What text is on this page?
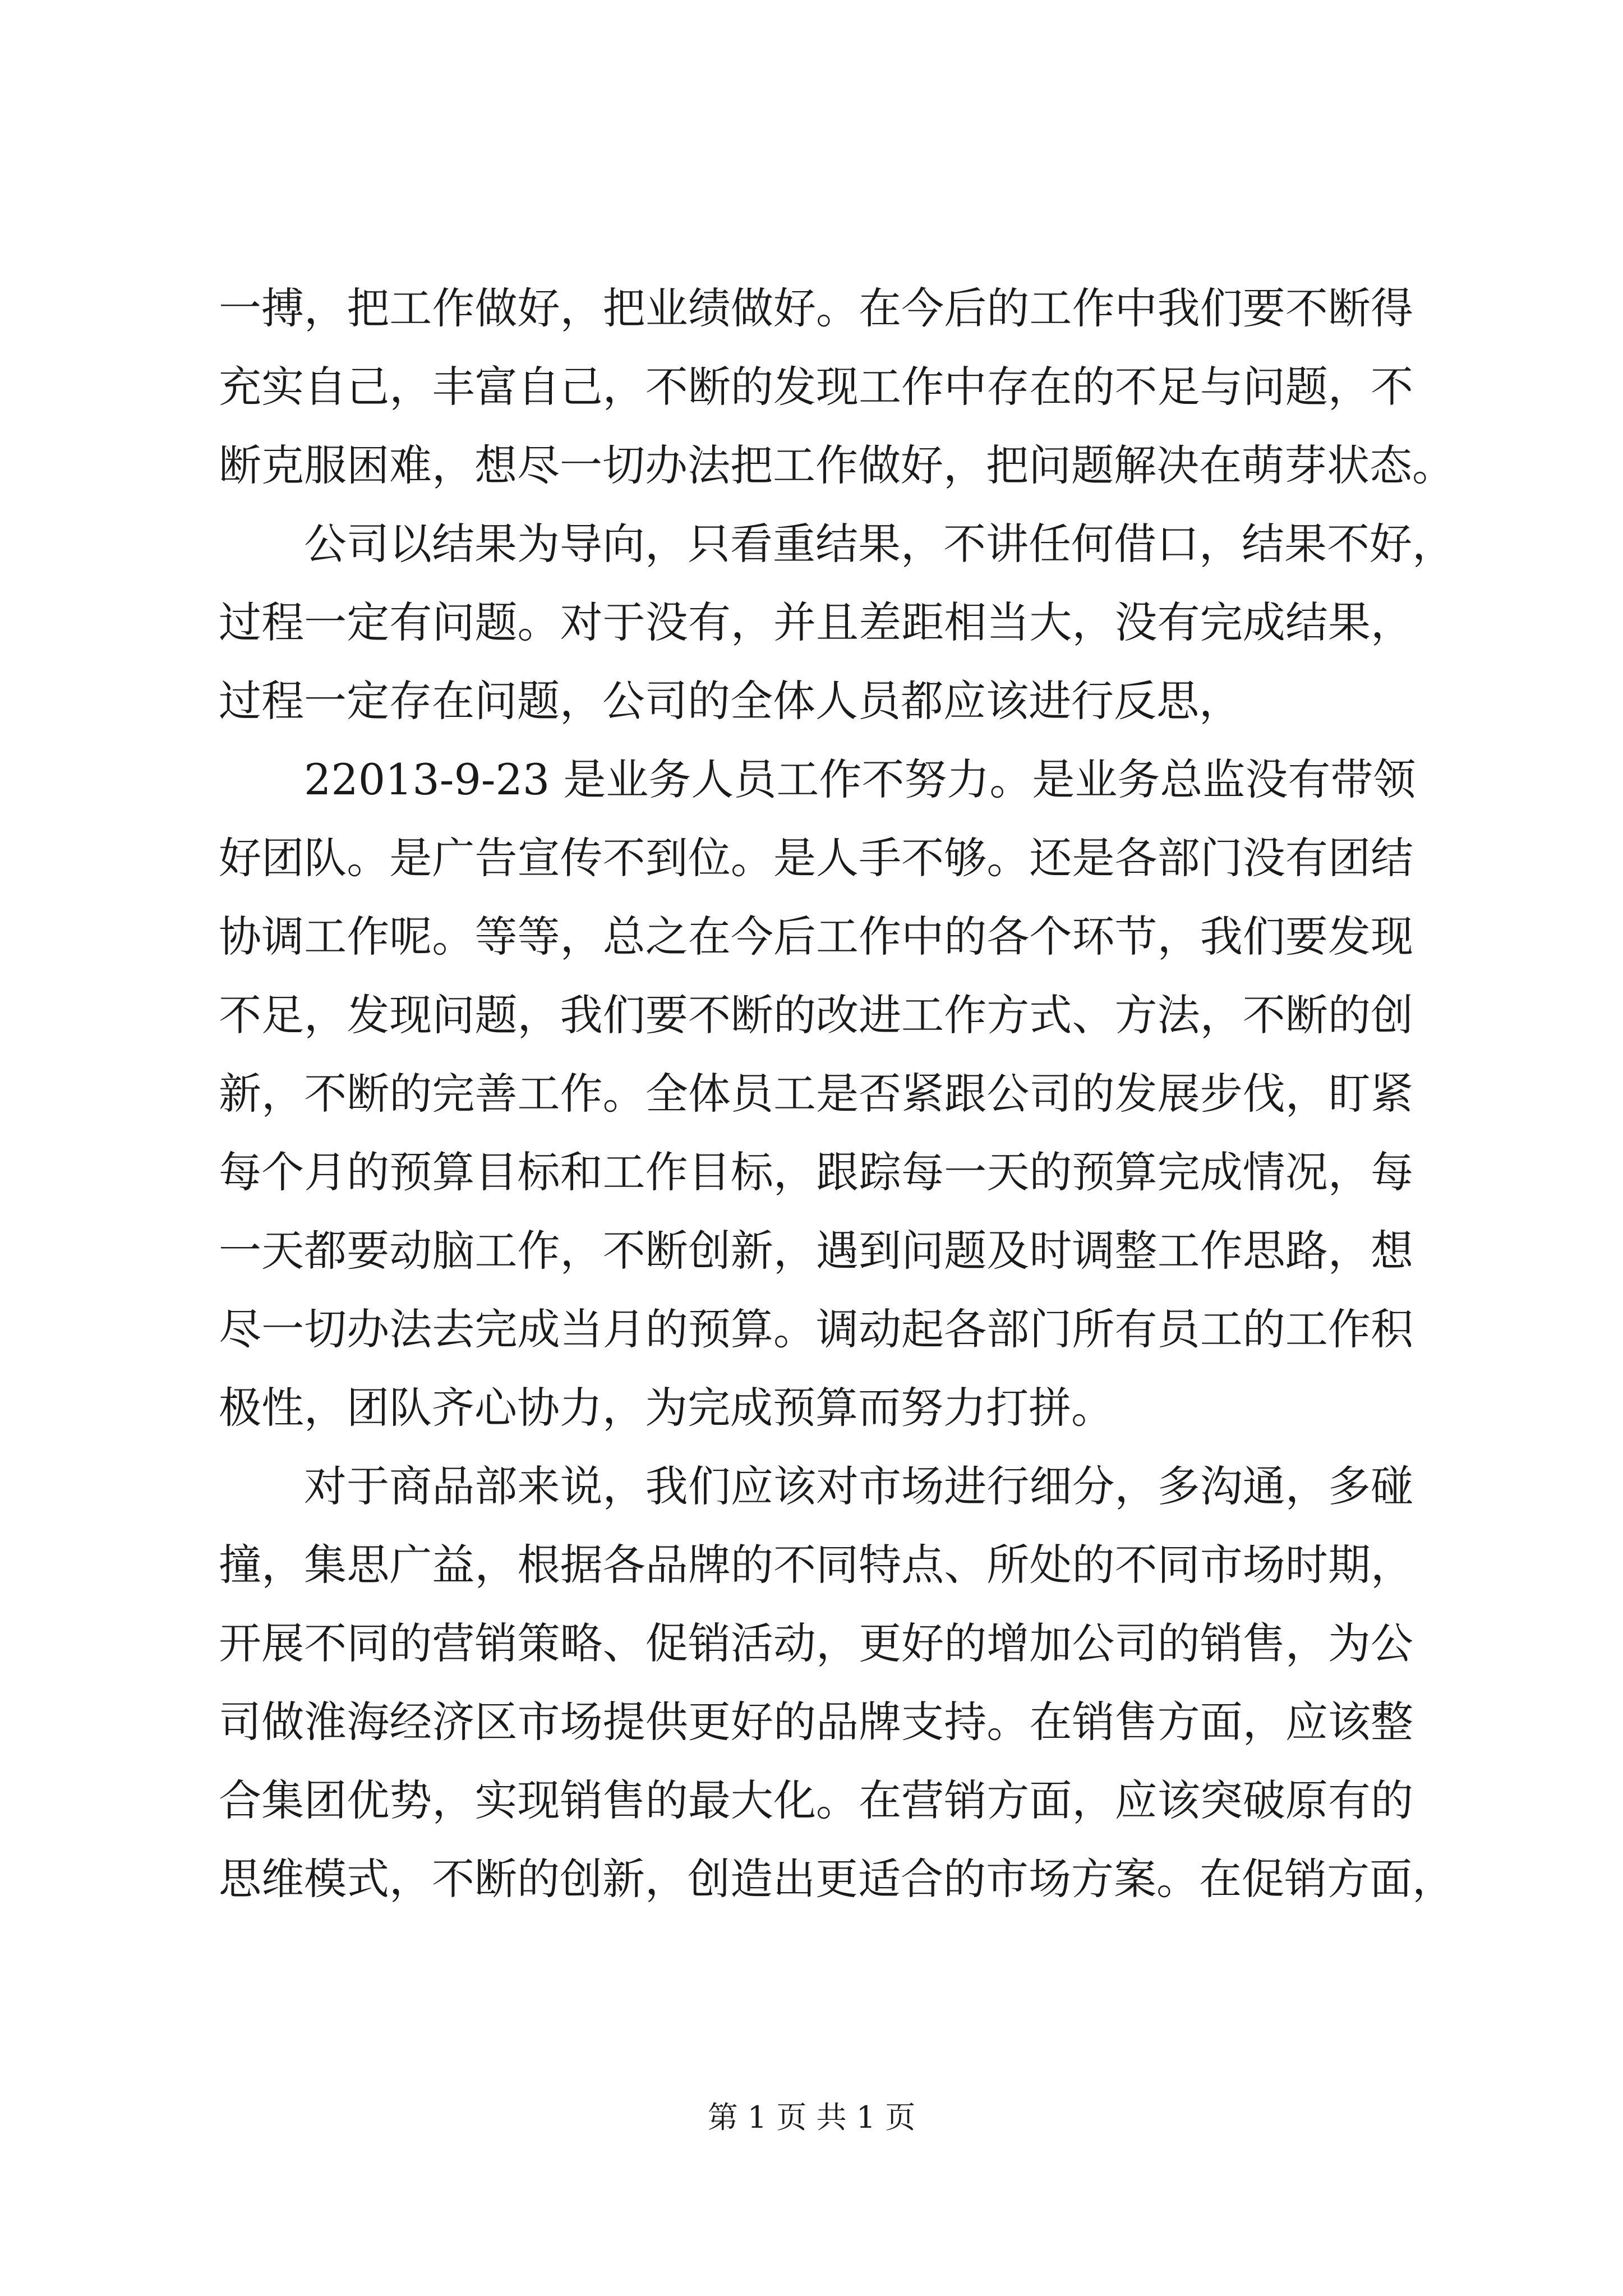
一搏，把工作做好，把业绩做好。在今后的工作中我们要不断得
充实自己，丰富自己，不断的发现工作中存在的不足与问题，不
断克服困难，想尽一切办法把工作做好，把问题解决在萌芽状态。
公司以结果为导向，只看重结果，不讲任何借口，结果不好，
过程一定有问题。对于没有，并且差距相当大，没有完成结果，
过程一定存在问题，公司的全体人员都应该进行反思，
22013-9-23 是业务人员工作不努力。是业务总监没有带领
好团队。是广告宣传不到位。是人手不够。还是各部门没有团结
协调工作呢。等等，总之在今后工作中的各个环节，我们要发现
不足，发现问题，我们要不断的改进工作方式、方法，不断的创
新，不断的完善工作。全体员工是否紧跟公司的发展步伐，盯紧
每个月的预算目标和工作目标，跟踪每一天的预算完成情况，每
一天都要动脑工作，不断创新，遇到问题及时调整工作思路，想
尽一切办法去完成当月的预算。调动起各部门所有员工的工作积
极性，团队齐心协力，为完成预算而努力打拼。
对于商品部来说，我们应该对市场进行细分，多沟通，多碰
撞，集思广益，根据各品牌的不同特点、所处的不同市场时期，
开展不同的营销策略、促销活动，更好的增加公司的销售，为公
司做淮海经济区市场提供更好的品牌支持。在销售方面，应该整
合集团优势，实现销售的最大化。在营销方面，应该突破原有的
思维模式，不断的创新，创造出更适合的市场方案。在促销方面，
第 1 页 共 1 页
